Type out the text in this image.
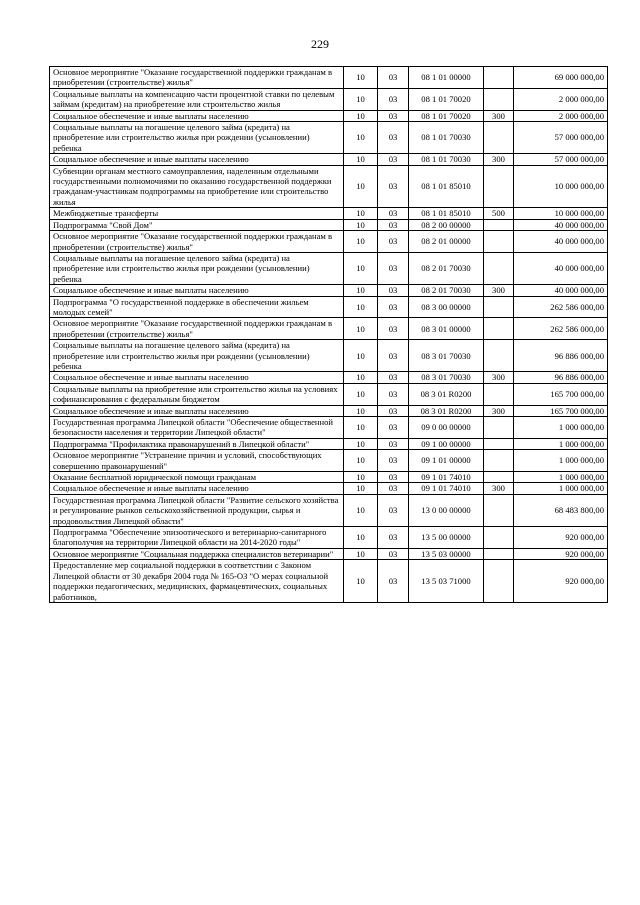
229
Основное мероприятие "Оказание государственной поддержки гражданам в приобретении (строительстве) жилья"	10	03	08 1 01 00000		69 000 000,00
Социальные выплаты на компенсацию части процентной ставки по целевым займам (кредитам) на приобретение или строительство жилья	10	03	08 1 01 70020		2 000 000,00
Социальное обеспечение и иные выплаты населению	10	03	08 1 01 70020	300	2 000 000,00
Социальные выплаты на погашение целевого займа (кредита) на приобретение или строительство жилья при рождении (усыновлении) ребенка	10	03	08 1 01 70030		57 000 000,00
Социальное обеспечение и иные выплаты населению	10	03	08 1 01 70030	300	57 000 000,00
Субвенции органам местного самоуправления, наделенным отдельными государственными полномочиями по оказанию государственной поддержки гражданам-участникам подпрограммы на приобретение или строительство жилья	10	03	08 1 01 85010		10 000 000,00
Межбюджетные трансферты	10	03	08 1 01 85010	500	10 000 000,00
Подпрограмма "Свой Дом"	10	03	08 2 00 00000		40 000 000,00
Основное мероприятие "Оказание государственной поддержки гражданам в приобретении (строительстве) жилья"	10	03	08 2 01 00000		40 000 000,00
Социальные выплаты на погашение целевого займа (кредита) на приобретение или строительство жилья при рождении (усыновлении) ребенка	10	03	08 2 01 70030		40 000 000,00
Социальное обеспечение и иные выплаты населению	10	03	08 2 01 70030	300	40 000 000,00
Подпрограмма "О государственной поддержке в обеспечении жильем молодых семей"	10	03	08 3 00 00000		262 586 000,00
Основное мероприятие "Оказание государственной поддержки гражданам в приобретении (строительстве) жилья"	10	03	08 3 01 00000		262 586 000,00
Социальные выплаты на погашение целевого займа (кредита) на приобретение или строительство жилья при рождении (усыновлении) ребенка	10	03	08 3 01 70030		96 886 000,00
Социальное обеспечение и иные выплаты населению	10	03	08 3 01 70030	300	96 886 000,00
Социальные выплаты на приобретение или строительство жилья на условиях софинансирования с федеральным бюджетом	10	03	08 3 01 R0200		165 700 000,00
Социальное обеспечение и иные выплаты населению	10	03	08 3 01 R0200	300	165 700 000,00
Государственная программа Липецкой области "Обеспечение общественной безопасности населения и территории Липецкой области"	10	03	09 0 00 00000		1 000 000,00
Подпрограмма "Профилактика правонарушений в Липецкой области"	10	03	09 1 00 00000		1 000 000,00
Основное мероприятие "Устранение причин и условий, способствующих совершению правонарушений"	10	03	09 1 01 00000		1 000 000,00
Оказание бесплатной юридической помощи гражданам	10	03	09 1 01 74010		1 000 000,00
Социальное обеспечение и иные выплаты населению	10	03	09 1 01 74010	300	1 000 000,00
Государственная программа Липецкой области "Развитие сельского хозяйства и регулирование рынков сельскохозяйственной продукции, сырья и продовольствия Липецкой области"	10	03	13 0 00 00000		68 483 800,00
Подпрограмма "Обеспечение эпизоотического и ветеринарно-санитарного благополучия на территории Липецкой области на 2014-2020 годы"	10	03	13 5 00 00000		920 000,00
Основное мероприятие "Социальная поддержка специалистов ветеринарии"	10	03	13 5 03 00000		920 000,00
Предоставление мер социальной поддержки в соответствии с Законом Липецкой области от 30 декабря 2004 года № 165-ОЗ "О мерах социальной поддержки педагогических, медицинских, фармацевтических, социальных работников,	10	03	13 5 03 71000		920 000,00
